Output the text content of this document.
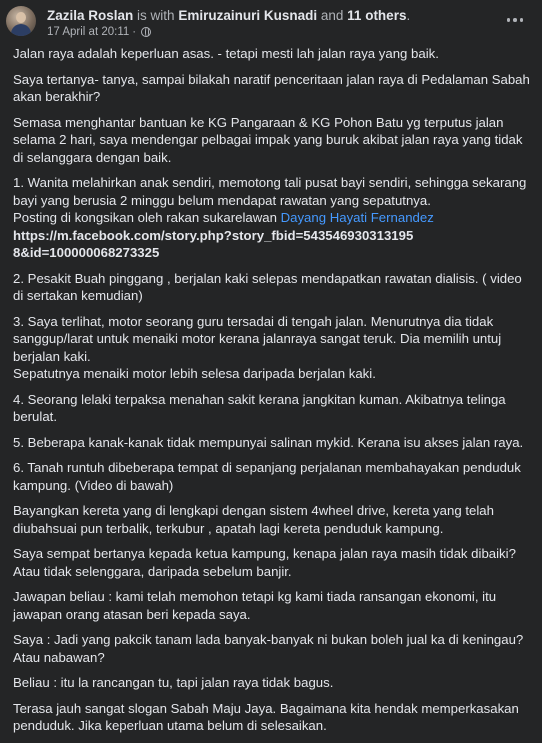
Zazila Roslan is with Emiruzainuri Kusnadi and 11 others.
17 April at 20:11 ·

Jalan raya adalah keperluan asas. - tetapi mesti lah jalan raya yang baik.

Saya tertanya- tanya, sampai bilakah naratif penceritaan jalan raya di Pedalaman Sabah akan berakhir?

Semasa menghantar bantuan ke KG Pangaraan & KG Pohon Batu yg terputus jalan selama 2 hari, saya mendengar pelbagai impak yang buruk akibat jalan raya yang tidak di selanggara dengan baik.

1. Wanita melahirkan anak sendiri, memotong tali pusat bayi sendiri, sehingga sekarang bayi yang berusia 2 minggu belum mendapat rawatan yang sepatutnya.
Posting di kongsikan oleh rakan sukarelawan Dayang Hayati Fernandez
https://m.facebook.com/story.php?story_fbid=543546930313195​8&id=100000068273325

2. Pesakit Buah pinggang , berjalan kaki selepas mendapatkan rawatan dialisis. ( video di sertakan kemudian)

3. Saya terlihat, motor seorang guru tersadai di tengah jalan. Menurutnya dia tidak sanggup/larat untuk menaiki motor kerana jalanraya sangat teruk. Dia memilih untuj berjalan kaki.
Sepatutnya menaiki motor lebih selesa daripada berjalan kaki.

4. Seorang lelaki terpaksa menahan sakit kerana jangkitan kuman. Akibatnya telinga berulat.

5. Beberapa kanak-kanak tidak mempunyai salinan mykid. Kerana isu akses jalan raya.

6. Tanah runtuh dibeberapa tempat di sepanjang perjalanan membahayakan penduduk kampung. (Video di bawah)

Bayangkan kereta yang di lengkapi dengan sistem 4wheel drive, kereta yang telah diubahsuai pun terbalik, terkubur , apatah lagi kereta penduduk kampung.

Saya sempat bertanya kepada ketua kampung, kenapa jalan raya masih tidak dibaiki? Atau tidak selenggara, daripada sebelum banjir.

Jawapan beliau : kami telah memohon tetapi kg kami tiada ransangan ekonomi, itu jawapan orang atasan beri kepada saya.

Saya : Jadi yang pakcik tanam lada banyak-banyak ni bukan boleh jual ka di keningau? Atau nabawan?

Beliau : itu la rancangan tu, tapi jalan raya tidak bagus.

Terasa jauh sangat slogan Sabah Maju Jaya. Bagaimana kita hendak memperkasakan penduduk. Jika keperluan utama belum di selesaikan.
